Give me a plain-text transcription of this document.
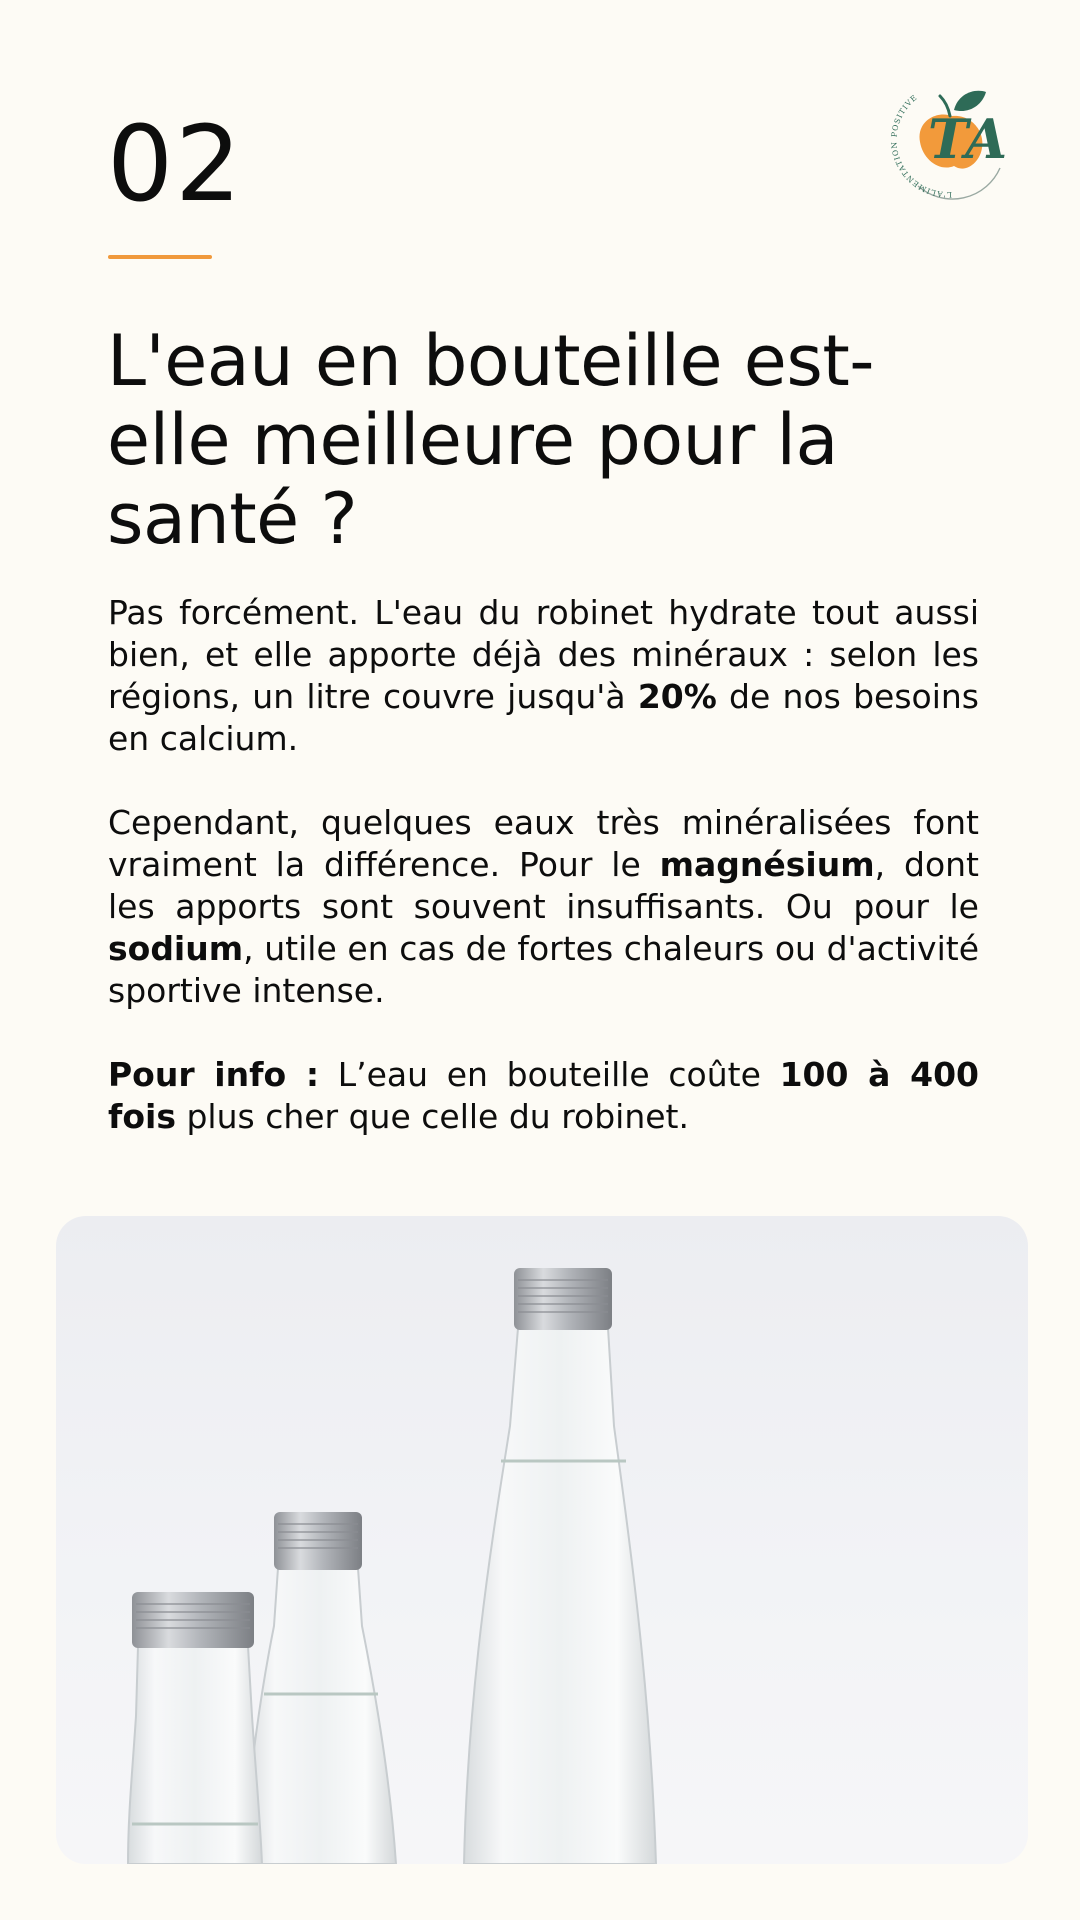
02	L'ALIMENTATION POSITIVE
TA
L'eau en bouteille est-elle meilleure pour la santé ?

Pas forcément. L'eau du robinet hydrate tout aussi bien, et elle apporte déjà des minéraux : selon les régions, un litre couvre jusqu'à 20% de nos besoins en calcium.

Cependant, quelques eaux très minéralisées font vraiment la différence. Pour le magnésium, dont les apports sont souvent insuffisants. Ou pour le sodium, utile en cas de fortes chaleurs ou d'activité sportive intense.

Pour info : L’eau en bouteille coûte 100 à 400 fois plus cher que celle du robinet.
